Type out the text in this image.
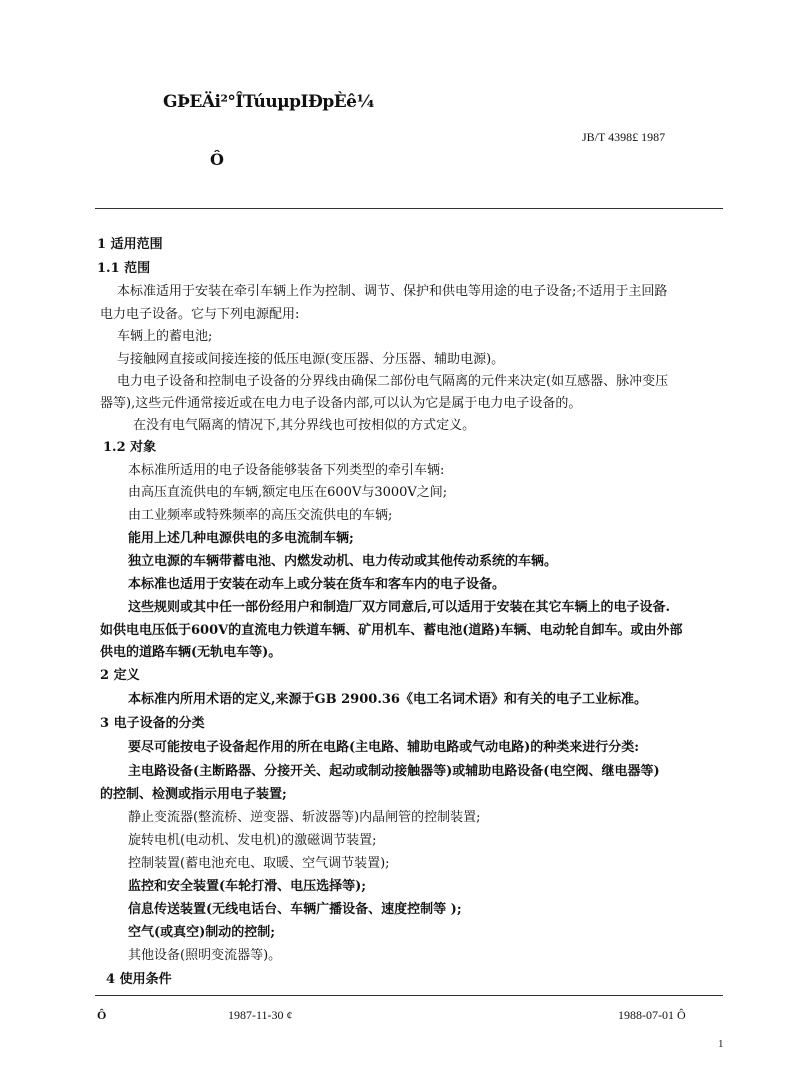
GÞEÄi²°ÎTúuµpIÐpÈê¼
JB/T 4398£ 1987
Ô
1 适用范围
1.1 范围
本标准适用于安装在牵引车辆上作为控制、调节、保护和供电等用途的电子设备;不适用于主回路
电力电子设备。它与下列电源配用:
车辆上的蓄电池;
与接触网直接或间接连接的低压电源(变压器、分压器、辅助电源)。
电力电子设备和控制电子设备的分界线由确保二部份电气隔离的元件来决定(如互感器、脉冲变压
器等),这些元件通常接近或在电力电子设备内部,可以认为它是属于电力电子设备的。
在没有电气隔离的情况下,其分界线也可按相似的方式定义。
1.2 对象
本标准所适用的电子设备能够装备下列类型的牵引车辆:
由高压直流供电的车辆,额定电压在600V与3000V之间;
由工业频率或特殊频率的高压交流供电的车辆;
能用上述几种电源供电的多电流制车辆;
独立电源的车辆带蓄电池、内燃发动机、电力传动或其他传动系统的车辆。
本标准也适用于安装在动车上或分装在货车和客车内的电子设备。
这些规则或其中任一部份经用户和制造厂双方同意后,可以适用于安装在其它车辆上的电子设备.
如供电电压低于600V的直流电力铁道车辆、矿用机车、蓄电池(道路)车辆、电动轮自卸车。或由外部
供电的道路车辆(无轨电车等)。
2 定义
本标准内所用术语的定义,来源于GB 2900.36《电工名词术语》和有关的电子工业标准。
3 电子设备的分类
要尽可能按电子设备起作用的所在电路(主电路、辅助电路或气动电路)的种类来进行分类:
主电路设备(主断路器、分接开关、起动或制动接触器等)或辅助电路设备(电空阀、继电器等)
的控制、检测或指示用电子装置;
静止变流器(整流桥、逆变器、斩波器等)内晶闸管的控制装置;
旋转电机(电动机、发电机)的激磁调节装置;
控制装置(蓄电池充电、取暖、空气调节装置);
监控和安全装置(车轮打滑、电压选择等);
信息传送装置(无线电话台、车辆广播设备、速度控制等 );
空气(或真空)制动的控制;
其他设备(照明变流器等)。
4 使用条件
Ô	1987-11-30 ¢	1988-07-01 Ô
1
